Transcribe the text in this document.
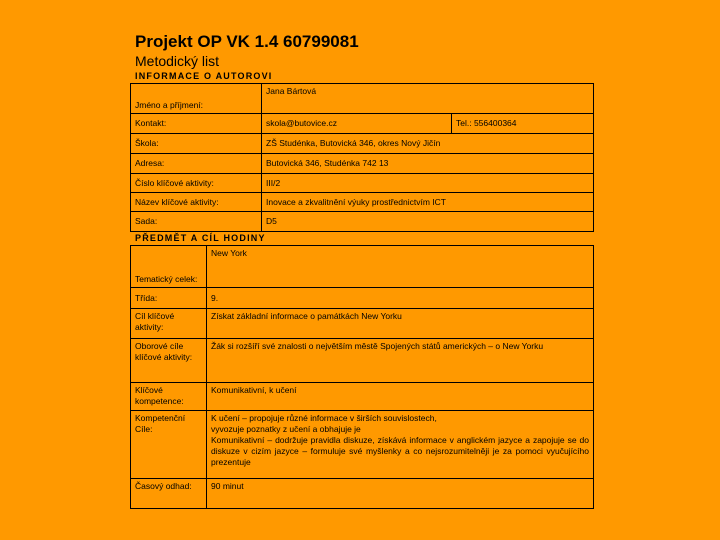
Projekt OP VK 1.4 60799081
Metodický list
INFORMACE O AUTOROVI
Jméno a příjmení:	Jana Bártová	
Kontakt:	skola@butovice.cz	Tel.: 556400364
Škola:	ZŠ Studénka, Butovická 346, okres Nový Jičín	
Adresa:	Butovická 346, Studénka 742 13	
Číslo klíčové aktivity:	III/2	
Název klíčové aktivity:	Inovace a zkvalitnění výuky prostřednictvím ICT	
Sada:	D5	
PŘEDMĚT A CÍL HODINY
Tematický celek:	New York
Třída:	9.
Cíl klíčové aktivity:	Získat základní informace o památkách New Yorku
Oborové cíle klíčové aktivity:	Žák si rozšíří své znalosti o největším městě Spojených států amerických – o New Yorku
Klíčové kompetence:	Komunikativní, k učení
Kompetenční Cíle:	K učení – propojuje různé informace v širších souvislostech,
vyvozuje poznatky z učení a obhajuje je
Komunikativní – dodržuje pravidla diskuze, získává informace v anglickém jazyce a zapojuje se do diskuze v cizím jazyce – formuluje své myšlenky a co nejsrozumitelněji je za pomoci vyučujícího prezentuje

Časový odhad:	90 minut
